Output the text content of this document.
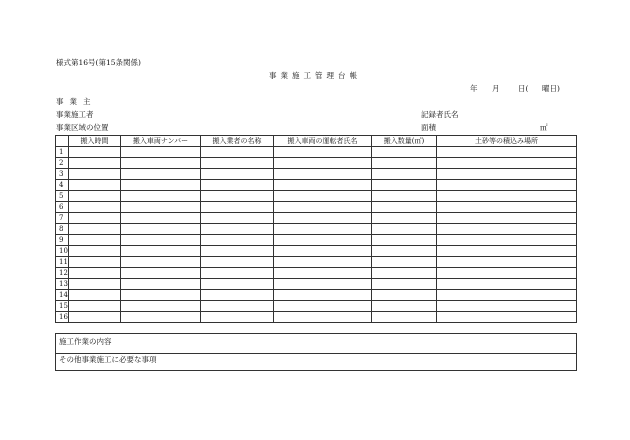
様式第16号(第15条関係)
事業施工管理台帳
年 月 日( 曜日)
事業主
事業施工者
事業区域の位置
記録者氏名
面積	㎡
	搬入時間	搬入車両ナンバー	搬入業者の名称	搬入車両の運転者氏名	搬入数量(㎥)	土砂等の積込み場所
1						
2						
3						
4						
5						
6						
7						
8						
9						
10						
11						
12						
13						
14						
15						
16						
施工作業の内容
その他事業施工に必要な事項
